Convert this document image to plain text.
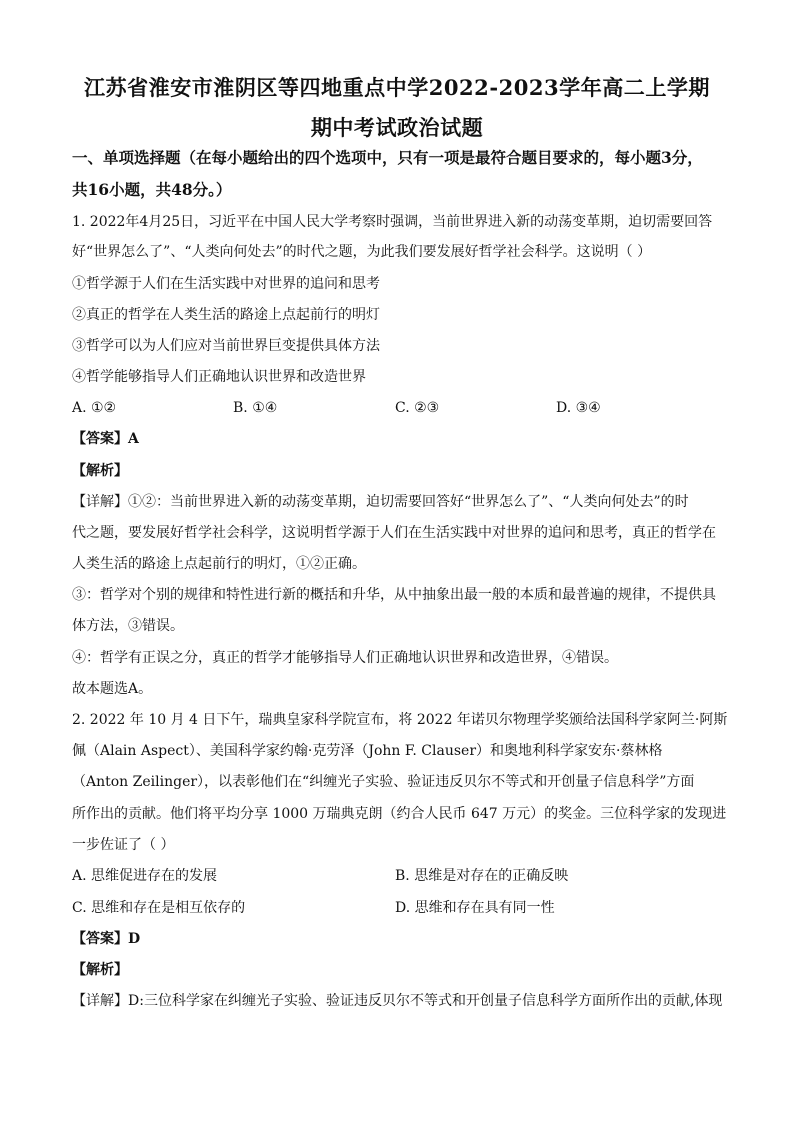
江苏省淮安市淮阴区等四地重点中学2022-2023学年高二上学期
期中考试政治试题
一、单项选择题（在每小题给出的四个选项中，只有一项是最符合题目要求的，每小题3分，
共16小题，共48分。）
1. 2022年4月25日，习近平在中国人民大学考察时强调，当前世界进入新的动荡变革期，迫切需要回答
好“世界怎么了”、“人类向何处去”的时代之题，为此我们要发展好哲学社会科学。这说明（ ）
①哲学源于人们在生活实践中对世界的追问和思考
②真正的哲学在人类生活的路途上点起前行的明灯
③哲学可以为人们应对当前世界巨变提供具体方法
④哲学能够指导人们正确地认识世界和改造世界
A. ①②	B. ①④	C. ②③	D. ③④
【答案】A
【解析】
【详解】①②：当前世界进入新的动荡变革期，迫切需要回答好“世界怎么了”、“人类向何处去”的时
代之题，要发展好哲学社会科学，这说明哲学源于人们在生活实践中对世界的追问和思考，真正的哲学在
人类生活的路途上点起前行的明灯，①②正确。
③：哲学对个别的规律和特性进行新的概括和升华，从中抽象出最一般的本质和最普遍的规律，不提供具
体方法，③错误。
④：哲学有正误之分，真正的哲学才能够指导人们正确地认识世界和改造世界，④错误。
故本题选A。
2. 2022 年 10 月 4 日下午，瑞典皇家科学院宣布，将 2022 年诺贝尔物理学奖颁给法国科学家阿兰·阿斯
佩（Alain Aspect）、美国科学家约翰·克劳泽（John F. Clauser）和奥地利科学家安东·蔡林格
（Anton Zeilinger），以表彰他们在“纠缠光子实验、验证违反贝尔不等式和开创量子信息科学”方面
所作出的贡献。他们将平均分享 1000 万瑞典克朗（约合人民币 647 万元）的奖金。三位科学家的发现进
一步佐证了（ ）
A. 思维促进存在的发展	B. 思维是对存在的正确反映
C. 思维和存在是相互依存的	D. 思维和存在具有同一性
【答案】D
【解析】
【详解】D:三位科学家在纠缠光子实验、验证违反贝尔不等式和开创量子信息科学方面所作出的贡献,体现
